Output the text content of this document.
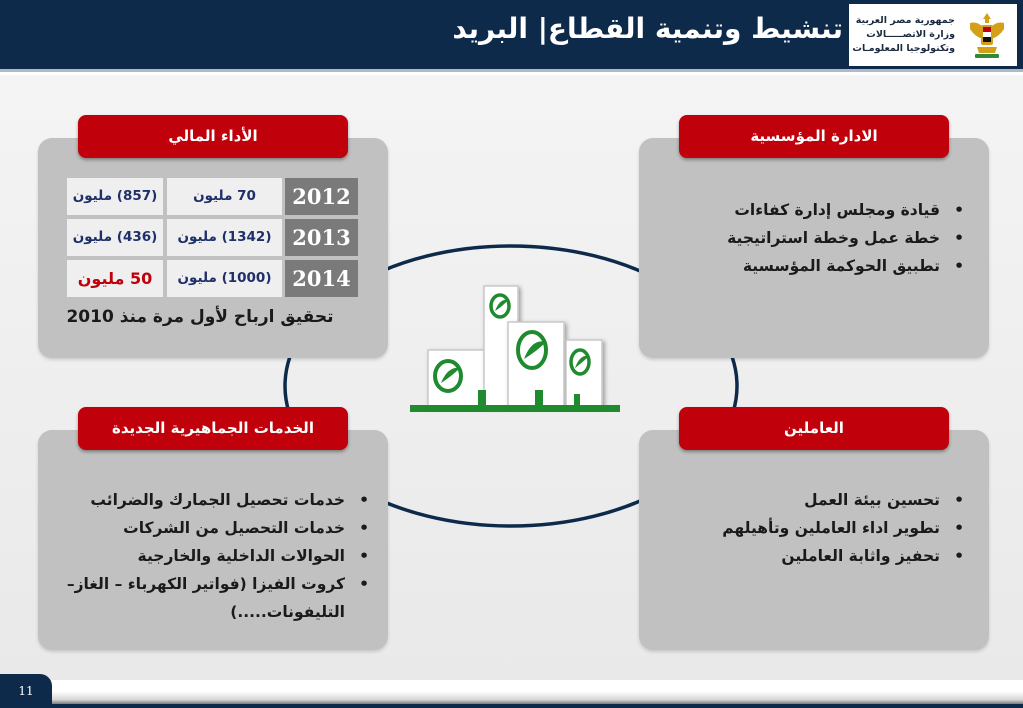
تنشيط وتنمية القطاع| البريد	جمهورية مصر العربية
وزارة الاتصـــــالات
وتكنولوجيا المعلومـات
الأداء المالي
(857) مليون	70 مليون	2012
(436) مليون	(1342) مليون 2013
50 مليون	(1000) مليون 2014
تحقيق ارباح لأول مرة منذ 2010
الادارة المؤسسية
• قيادة ومجلس إدارة كفاءات
• خطة عمل وخطة استراتيجية
• تطبيق الحوكمة المؤسسية
الخدمات الجماهيرية الجديدة
• خدمات تحصيل الجمارك والضرائب
• خدمات التحصيل من الشركات
• الحوالات الداخلية والخارجية
• كروت الفيزا (فواتير الكهرباء – الغاز– التليفونات.....)
العاملين
• تحسين بيئة العمل
• تطوير اداء العاملين وتأهيلهم
• تحفيز واثابة العاملين
11
